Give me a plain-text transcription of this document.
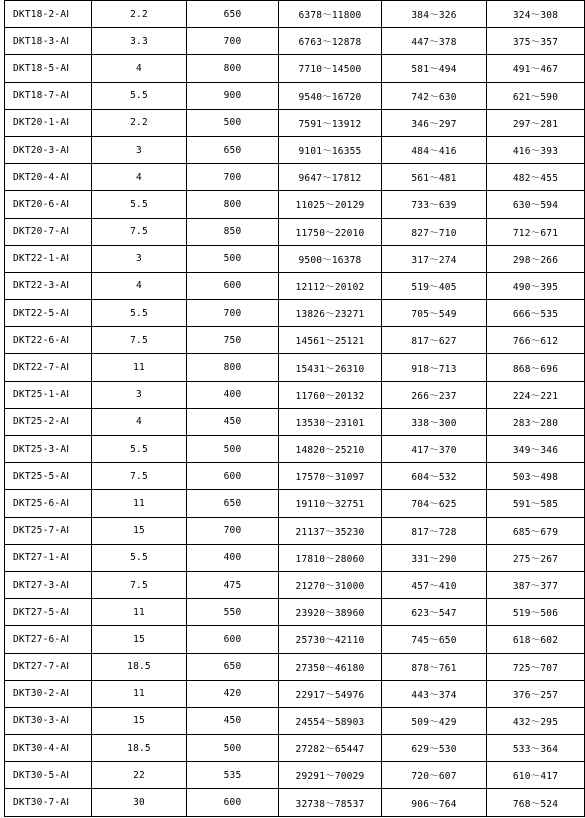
DKT18-2-AⅠ	2.2	650	6378～11800	384～326	324～308
DKT18-3-AⅠ	3.3	700	6763～12878	447～378	375～357
DKT18-5-AⅠ	4	800	7710～14500	581～494	491～467
DKT18-7-AⅠ	5.5	900	9540～16720	742～630	621～590
DKT20-1-AⅠ	2.2	500	7591～13912	346～297	297～281
DKT20-3-AⅠ	3	650	9101～16355	484～416	416～393
DKT20-4-AⅠ	4	700	9647～17812	561～481	482～455
DKT20-6-AⅠ	5.5	800	11025～20129	733～639	630～594
DKT20-7-AⅠ	7.5	850	11750～22010	827～710	712～671
DKT22-1-AⅠ	3	500	9500～16378	317～274	298～266
DKT22-3-AⅠ	4	600	12112～20102	519～405	490～395
DKT22-5-AⅠ	5.5	700	13826～23271	705～549	666～535
DKT22-6-AⅠ	7.5	750	14561～25121	817～627	766～612
DKT22-7-AⅠ	11	800	15431～26310	918～713	868～696
DKT25-1-AⅠ	3	400	11760～20132	266～237	224～221
DKT25-2-AⅠ	4	450	13530～23101	338～300	283～280
DKT25-3-AⅠ	5.5	500	14820～25210	417～370	349～346
DKT25-5-AⅠ	7.5	600	17570～31097	604～532	503～498
DKT25-6-AⅠ	11	650	19110～32751	704～625	591～585
DKT25-7-AⅠ	15	700	21137～35230	817～728	685～679
DKT27-1-AⅠ	5.5	400	17810～28060	331～290	275～267
DKT27-3-AⅠ	7.5	475	21270～31000	457～410	387～377
DKT27-5-AⅠ	11	550	23920～38960	623～547	519～506
DKT27-6-AⅠ	15	600	25730～42110	745～650	618～602
DKT27-7-AⅠ	18.5	650	27350～46180	878～761	725～707
DKT30-2-AⅠ	11	420	22917～54976	443～374	376～257
DKT30-3-AⅠ	15	450	24554～58903	509～429	432～295
DKT30-4-AⅠ	18.5	500	27282～65447	629～530	533～364
DKT30-5-AⅠ	22	535	29291～70029	720～607	610～417
DKT30-7-AⅠ	30	600	32738～78537	906～764	768～524
